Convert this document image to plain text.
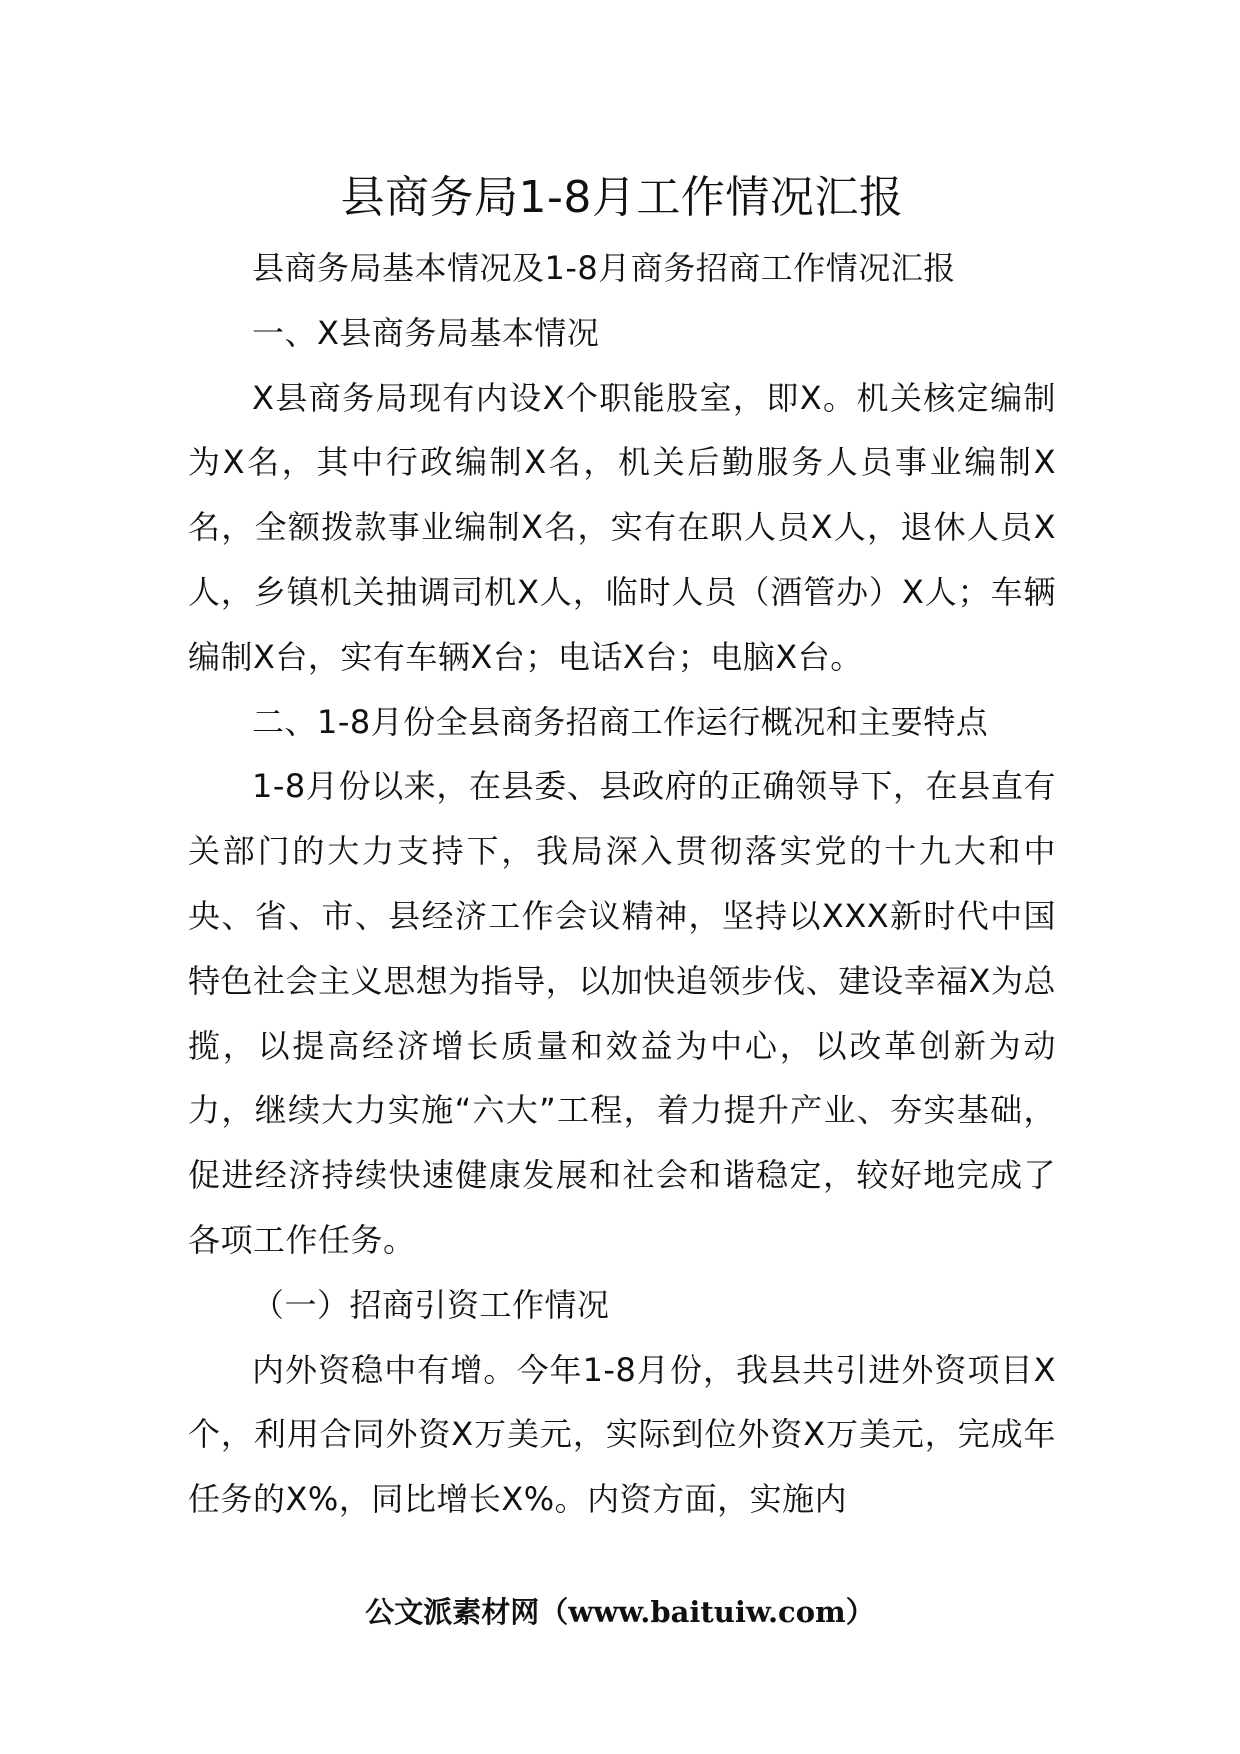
县商务局1-8月工作情况汇报

县商务局基本情况及1-8月商务招商工作情况汇报

一、X县商务局基本情况

X县商务局现有内设X个职能股室，即X。机关核定编制为X名，其中行政编制X名，机关后勤服务人员事业编制X名，全额拨款事业编制X名，实有在职人员X人，退休人员X人，乡镇机关抽调司机X人，临时人员（酒管办）X人；车辆编制X台，实有车辆X台；电话X台；电脑X台。

二、1-8月份全县商务招商工作运行概况和主要特点

1-8月份以来，在县委、县政府的正确领导下，在县直有关部门的大力支持下，我局深入贯彻落实党的十九大和中央、省、市、县经济工作会议精神，坚持以XXX新时代中国特色社会主义思想为指导，以加快追领步伐、建设幸福X为总揽，以提高经济增长质量和效益为中心，以改革创新为动力，继续大力实施“六大”工程，着力提升产业、夯实基础，促进经济持续快速健康发展和社会和谐稳定，较好地完成了各项工作任务。

（一）招商引资工作情况

内外资稳中有增。今年1-8月份，我县共引进外资项目X个，利用合同外资X万美元，实际到位外资X万美元，完成年任务的X%，同比增长X%。内资方面，实施内

公文派素材网（www.baituiw.com）
